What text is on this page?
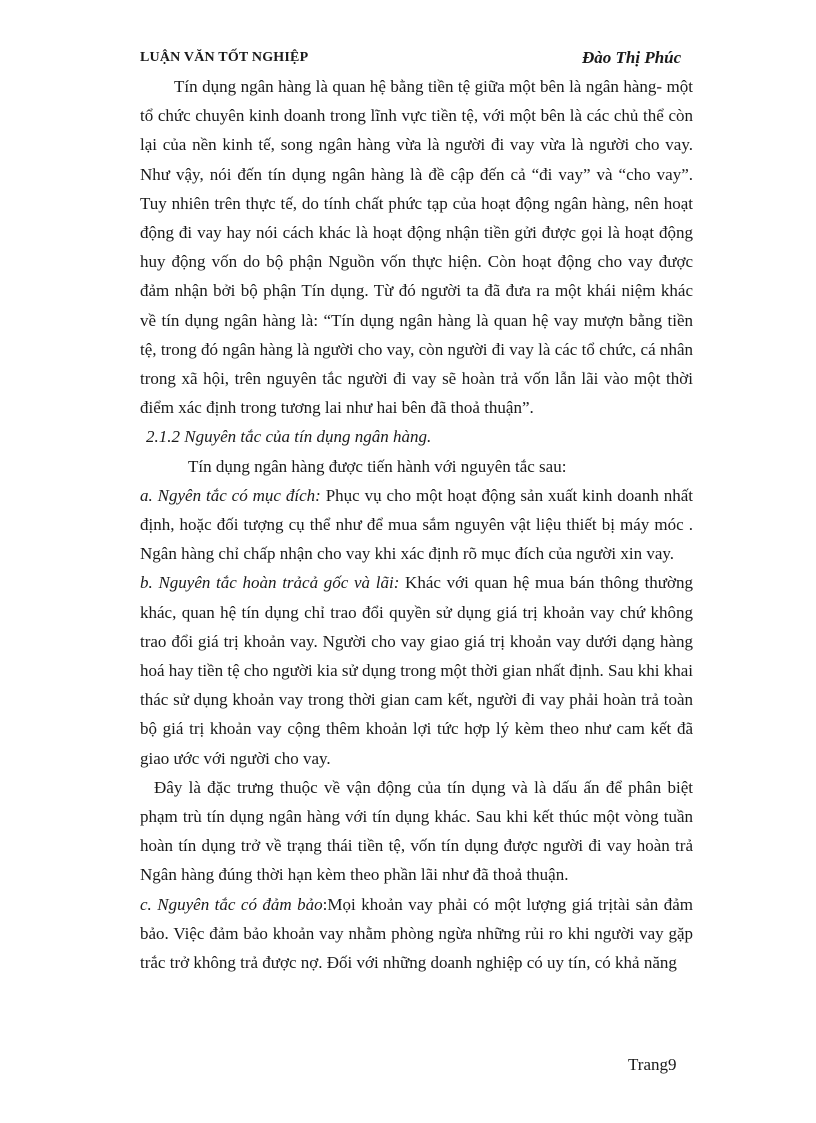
LUẬN VĂN TỐT NGHIỆP	Đào Thị Phúc

Tín dụng ngân hàng là quan hệ bằng tiền tệ giữa một bên là ngân hàng- một tổ chức chuyên kinh doanh trong lĩnh vực tiền tệ, với một bên là các chủ thể còn lại của nền kinh tế, song ngân hàng vừa là người đi vay vừa là người cho vay. Như vậy, nói đến tín dụng ngân hàng là đề cập đến cả “đi vay” và “cho vay”. Tuy nhiên trên thực tế, do tính chất phức tạp của hoạt động ngân hàng, nên hoạt động đi vay hay nói cách khác là hoạt động nhận tiền gửi được gọi là hoạt động huy động vốn do bộ phận Nguồn vốn thực hiện. Còn hoạt động cho vay được đảm nhận bởi bộ phận Tín dụng. Từ đó người ta đã đưa ra một khái niệm khác về tín dụng ngân hàng là: “Tín dụng ngân hàng là quan hệ vay mượn bằng tiền tệ, trong đó ngân hàng là người cho vay, còn người đi vay là các tổ chức, cá nhân trong xã hội, trên nguyên tắc người đi vay sẽ hoàn trả vốn lẫn lãi vào một thời điểm xác định trong tương lai như hai bên đã thoả thuận”.

2.1.2 Nguyên tắc của tín dụng ngân hàng.

Tín dụng ngân hàng được tiến hành với nguyên tắc sau:

a. Ngyên tắc có mục đích: Phục vụ cho một hoạt động sản xuất kinh doanh nhất định, hoặc đối tượng cụ thể như để mua sắm nguyên vật liệu thiết bị máy móc . Ngân hàng chỉ chấp nhận cho vay khi xác định rõ mục đích của người xin vay.

b. Nguyên tắc hoàn trảcả gốc và lãi: Khác với quan hệ mua bán thông thường khác, quan hệ tín dụng chỉ trao đổi quyền sử dụng giá trị khoản vay chứ không trao đổi giá trị khoản vay. Người cho vay giao giá trị khoản vay dưới dạng hàng hoá hay tiền tệ cho người kia sử dụng trong một thời gian nhất định. Sau khi khai thác sử dụng khoản vay trong thời gian cam kết, người đi vay phải hoàn trả toàn bộ giá trị khoản vay cộng thêm khoản lợi tức hợp lý kèm theo như cam kết đã giao ước với người cho vay.

Đây là đặc trưng thuộc về vận động của tín dụng và là dấu ấn để phân biệt phạm trù tín dụng ngân hàng với tín dụng khác. Sau khi kết thúc một vòng tuần hoàn tín dụng trở về trạng thái tiền tệ, vốn tín dụng được người đi vay hoàn trả Ngân hàng đúng thời hạn kèm theo phần lãi như đã thoả thuận.

c. Nguyên tắc có đảm bảo:Mọi khoản vay phải có một lượng giá trịtài sản đảm bảo. Việc đảm bảo khoản vay nhằm phòng ngừa những rủi ro khi người vay gặp trắc trở không trả được nợ. Đối với những doanh nghiệp có uy tín, có khả năng

Trang9
